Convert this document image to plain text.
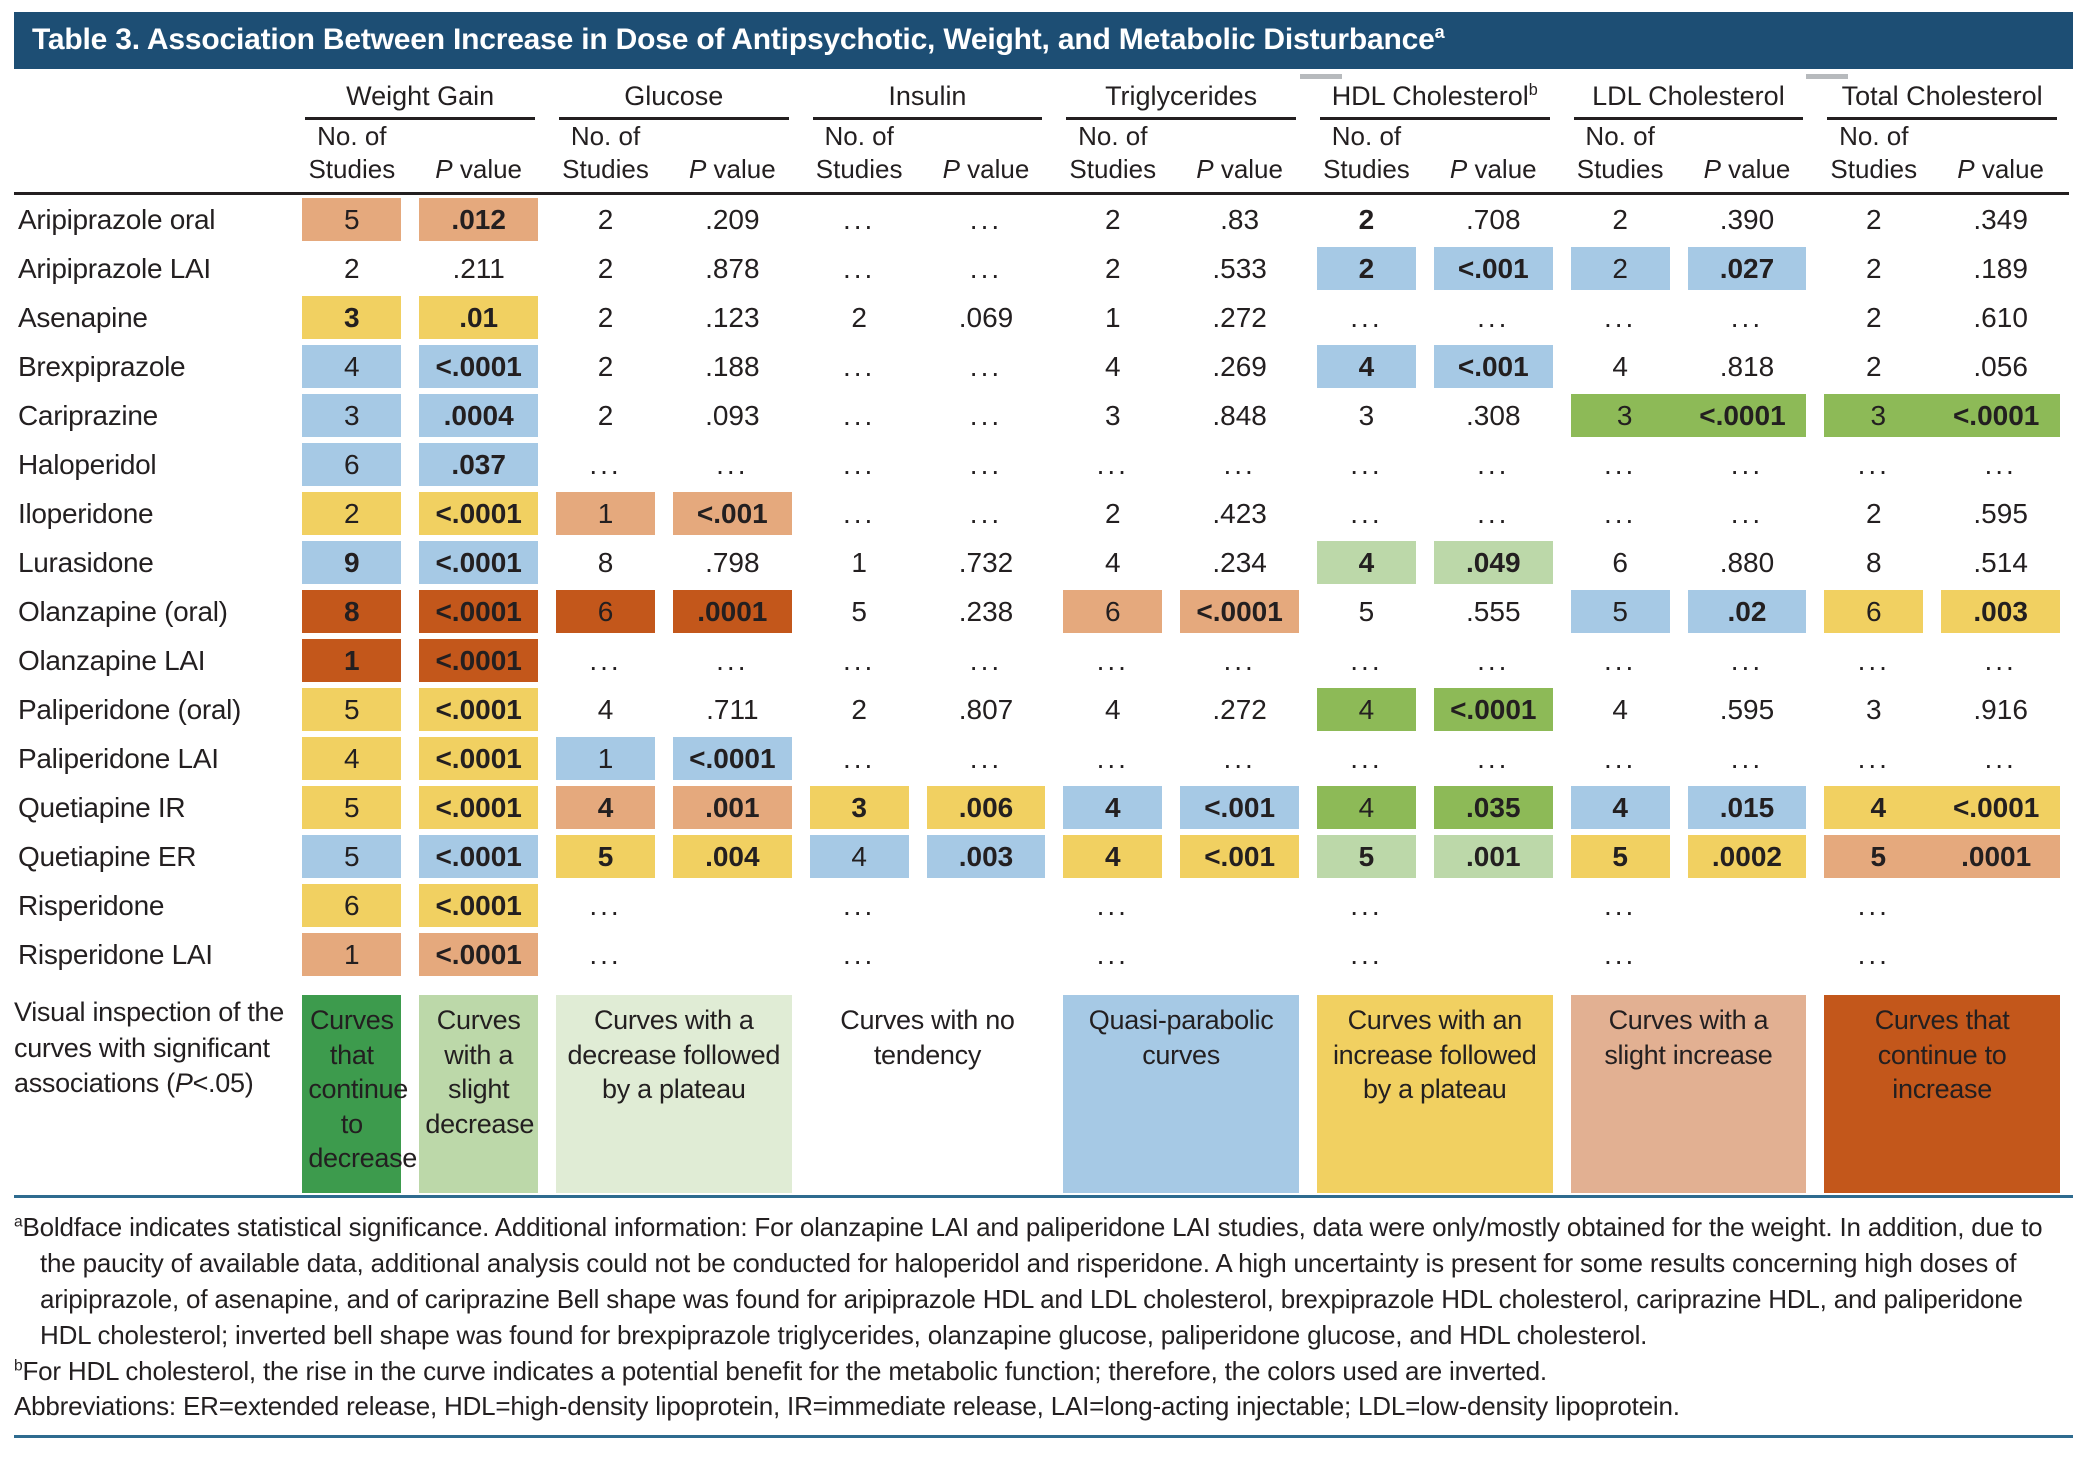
Table 3. Association Between Increase in Dose of Antipsychotic, Weight, and Metabolic Disturbance$^a$

	Weight Gain		Glucose		Insulin		Triglycerides		HDL Cholesterol$^b$		LDL Cholesterol		Total Cholesterol	

No. of
Studies	P value	
No. of
Studies	P value	
No. of
Studies	P value	
No. of
Studies	P value	
No. of
Studies	P value	
No. of
Studies	P value	
No. of
Studies	P value
Aripiprazole oral	5	.012	2	.209	...	...	2	.83	2	.708	2	.390	2	.349

Aripiprazole LAI	2	.211	2	.878	...	...	2	.533	2	<.001	2	.027	2	.189

Asenapine	3	.01	2	.123	2	.069	1	.272	...	...	...	...	2	.610

Brexpiprazole	4	<.0001	2	.188	...	...	4	.269	4	<.001	4	.818	2	.056

Cariprazine	3	.0004	2	.093	...	...	3	.848	3	.308	3	<.0001	3	<.0001

Haloperidol	6	.037	...	...	...	...	...	...	...	...	...	...	...	...

Iloperidone	2	<.0001	1	<.001	...	...	2	.423	...	...	...	...	2	.595

Lurasidone	9	<.0001	8	.798	1	.732	4	.234	4	.049	6	.880	8	.514

Olanzapine (oral)	8	<.0001	6	.0001	5	.238	6	<.0001	5	.555	5	.02	6	.003

Olanzapine LAI	1	<.0001	...	...	...	...	...	...	...	...	...	...	...	...

Paliperidone (oral)	5	<.0001	4	.711	2	.807	4	.272	4	<.0001	4	.595	3	.916

Paliperidone LAI	4	<.0001	1	<.0001	...	...	...	...	...	...	...	...	...	...

Quetiapine IR	5	<.0001	4	.001	3	.006	4	<.001	4	.035	4	.015	4	<.0001

Quetiapine ER	5	<.0001	5	.004	4	.003	4	<.001	5	.001	5	.0002	5	.0001

Risperidone	6	<.0001	...		...		...		...		...		...	

Risperidone LAI	1	<.0001	...		...		...		...		...		...	

Visual inspection of the curves with significant associations (P<.05)	Curves that continue to decrease	Curves with a slight decrease	Curves with a decrease followed by a plateau		Curves with no tendency		Quasi-parabolic curves		Curves with an increase followed by a plateau		Curves with a slight increase		Curves that continue to increase	

$^a$Boldface indicates statistical significance. Additional information: For olanzapine LAI and paliperidone LAI studies, data were only/mostly obtained for the weight. In addition, due to the paucity of available data, additional analysis could not be conducted for haloperidol and risperidone. A high uncertainty is present for some results concerning high doses of aripiprazole, of asenapine, and of cariprazine Bell shape was found for aripiprazole HDL and LDL cholesterol, brexpiprazole HDL cholesterol, cariprazine HDL, and paliperidone HDL cholesterol; inverted bell shape was found for brexpiprazole triglycerides, olanzapine glucose, paliperidone glucose, and HDL cholesterol.

$^b$For HDL cholesterol, the rise in the curve indicates a potential benefit for the metabolic function; therefore, the colors used are inverted.

Abbreviations: ER=extended release, HDL=high-density lipoprotein, IR=immediate release, LAI=long-acting injectable; LDL=low-density lipoprotein.
